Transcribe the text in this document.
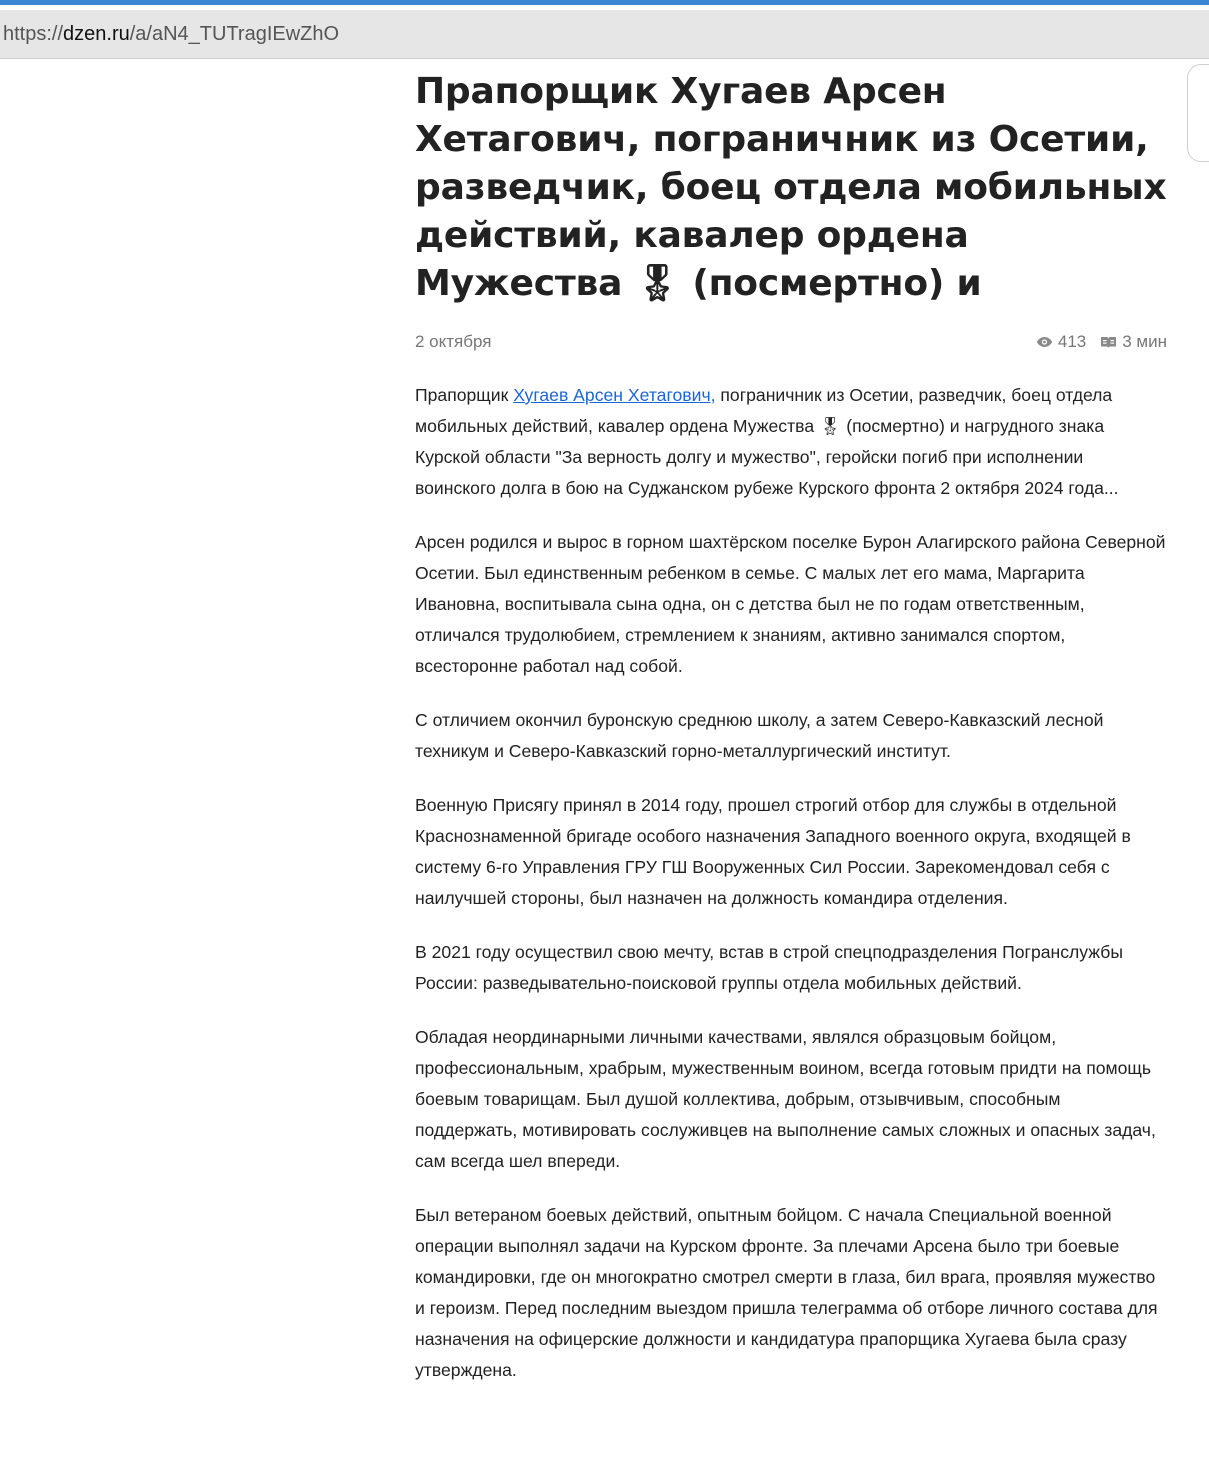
https://dzen.ru/a/aN4_TUTragIEwZhO
Прапорщик Хугаев Арсен Хетагович, пограничник из Осетии, разведчик, боец отдела мобильных действий, кавалер ордена Мужества 🎖 (посмертно) и
2 октября	413 3 мин

Прапорщик Хугаев Арсен Хетагович, пограничник из Осетии, разведчик, боец отдела мобильных действий, кавалер ордена Мужества 🎖 (посмертно) и нагрудного знака Курской области "За верность долгу и мужество", геройски погиб при исполнении воинского долга в бою на Суджанском рубеже Курского фронта 2 октября 2024 года...

Арсен родился и вырос в горном шахтёрском поселке Бурон Алагирского района Северной Осетии. Был единственным ребенком в семье. С малых лет его мама, Маргарита Ивановна, воспитывала сына одна, он с детства был не по годам ответственным, отличался трудолюбием, стремлением к знаниям, активно занимался спортом, всесторонне работал над собой.

С отличием окончил буронскую среднюю школу, а затем Северо-Кавказский лесной техникум и Северо-Кавказский горно-металлургический институт.

Военную Присягу принял в 2014 году, прошел строгий отбор для службы в отдельной Краснознаменной бригаде особого назначения Западного военного округа, входящей в систему 6-го Управления ГРУ ГШ Вооруженных Сил России. Зарекомендовал себя с наилучшей стороны, был назначен на должность командира отделения.

В 2021 году осуществил свою мечту, встав в строй спецподразделения Погранслужбы России: разведывательно-поисковой группы отдела мобильных действий.

Обладая неординарными личными качествами, являлся образцовым бойцом, профессиональным, храбрым, мужественным воином, всегда готовым придти на помощь боевым товарищам. Был душой коллектива, добрым, отзывчивым, способным поддержать, мотивировать сослуживцев на выполнение самых сложных и опасных задач, сам всегда шел впереди.

Был ветераном боевых действий, опытным бойцом. С начала Специальной военной операции выполнял задачи на Курском фронте. За плечами Арсена было три боевые командировки, где он многократно смотрел смерти в глаза, бил врага, проявляя мужество и героизм. Перед последним выездом пришла телеграмма об отборе личного состава для назначения на офицерские должности и кандидатура прапорщика Хугаева была сразу утверждена.
